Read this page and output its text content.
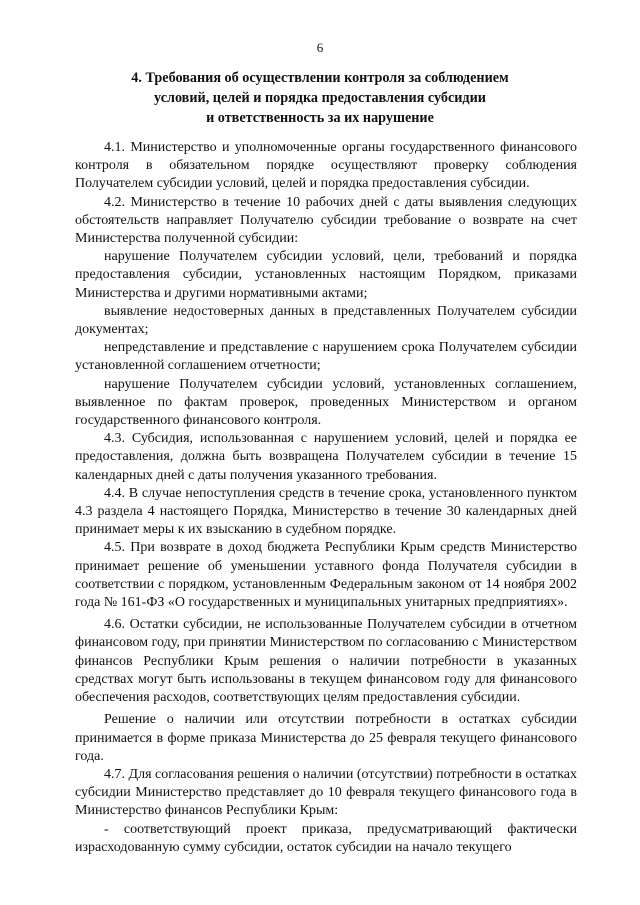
6
4. Требования об осуществлении контроля за соблюдением
условий, целей и порядка предоставления субсидии
и ответственность за их нарушение

4.1. Министерство и уполномоченные органы государственного финансового контроля в обязательном порядке осуществляют проверку соблюдения Получателем субсидии условий, целей и порядка предоставления субсидии.

4.2. Министерство в течение 10 рабочих дней с даты выявления следующих обстоятельств направляет Получателю субсидии требование о возврате на счет Министерства полученной субсидии:

нарушение Получателем субсидии условий, цели, требований и порядка предоставления субсидии, установленных настоящим Порядком, приказами Министерства и другими нормативными актами;

выявление недостоверных данных в представленных Получателем субсидии документах;

непредставление и представление с нарушением срока Получателем субсидии установленной соглашением отчетности;

нарушение Получателем субсидии условий, установленных соглашением, выявленное по фактам проверок, проведенных Министерством и органом государственного финансового контроля.

4.3. Субсидия, использованная с нарушением условий, целей и порядка ее предоставления, должна быть возвращена Получателем субсидии в течение 15 календарных дней с даты получения указанного требования.

4.4. В случае непоступления средств в течение срока, установленного пунктом 4.3 раздела 4 настоящего Порядка, Министерство в течение 30 календарных дней принимает меры к их взысканию в судебном порядке.

4.5. При возврате в доход бюджета Республики Крым средств Министерство принимает решение об уменьшении уставного фонда Получателя субсидии в соответствии с порядком, установленным Федеральным законом от 14 ноября 2002 года № 161-ФЗ «О государственных и муниципальных унитарных предприятиях».

4.6. Остатки субсидии, не использованные Получателем субсидии в отчетном финансовом году, при принятии Министерством по согласованию с Министерством финансов Республики Крым решения о наличии потребности в указанных средствах могут быть использованы в текущем финансовом году для финансового обеспечения расходов, соответствующих целям предоставления субсидии.

Решение о наличии или отсутствии потребности в остатках субсидии принимается в форме приказа Министерства до 25 февраля текущего финансового года.

4.7. Для согласования решения о наличии (отсутствии) потребности в остатках субсидии Министерство представляет до 10 февраля текущего финансового года в Министерство финансов Республики Крым:

- соответствующий проект приказа, предусматривающий фактически израсходованную сумму субсидии, остаток субсидии на начало текущего
